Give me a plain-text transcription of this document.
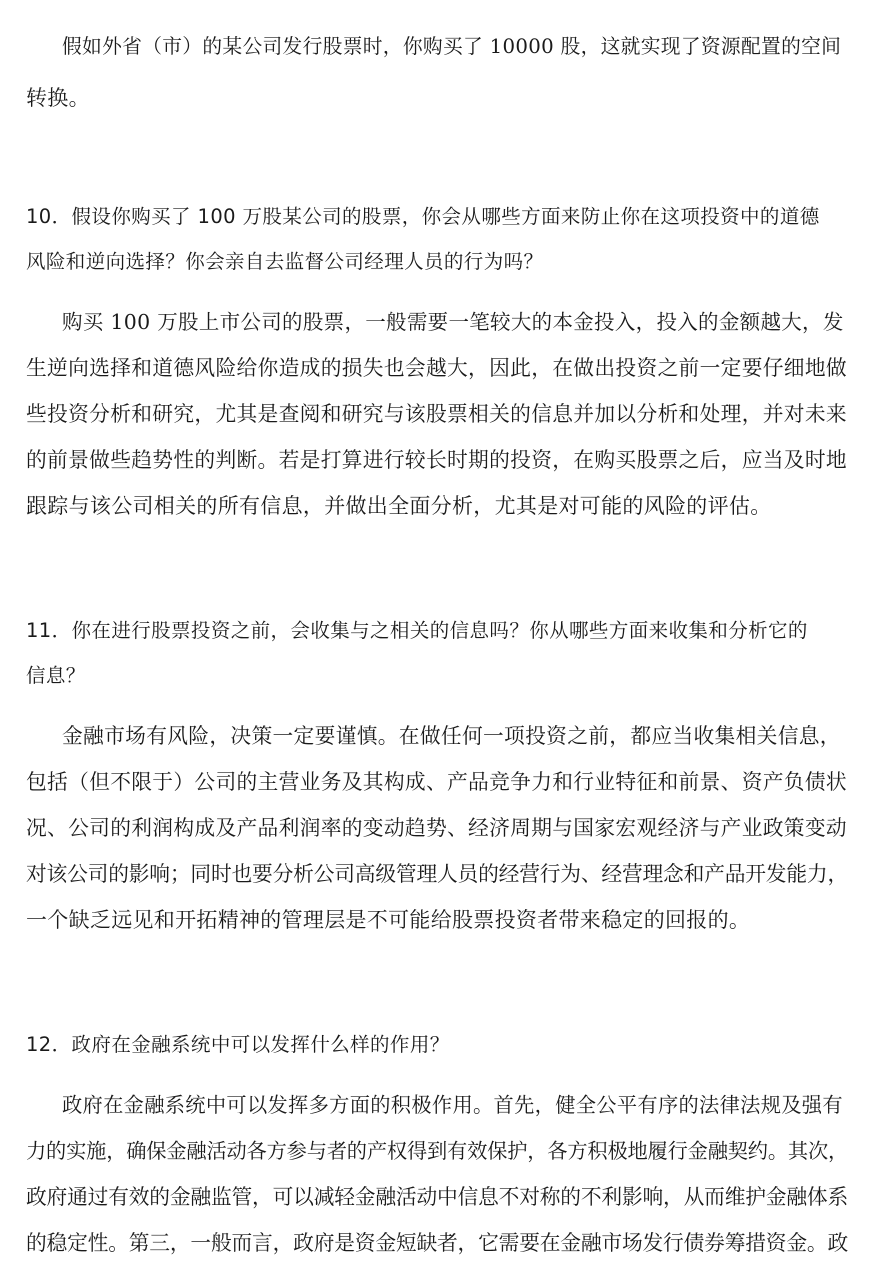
假如外省（市）的某公司发行股票时，你购买了 10000 股，这就实现了资源配置的空间
转换。
10．假设你购买了 100 万股某公司的股票，你会从哪些方面来防止你在这项投资中的道德
风险和逆向选择？你会亲自去监督公司经理人员的行为吗？
购买 100 万股上市公司的股票，一般需要一笔较大的本金投入，投入的金额越大，发
生逆向选择和道德风险给你造成的损失也会越大，因此，在做出投资之前一定要仔细地做
些投资分析和研究，尤其是查阅和研究与该股票相关的信息并加以分析和处理，并对未来
的前景做些趋势性的判断。若是打算进行较长时期的投资，在购买股票之后，应当及时地
跟踪与该公司相关的所有信息，并做出全面分析，尤其是对可能的风险的评估。
11．你在进行股票投资之前，会收集与之相关的信息吗？你从哪些方面来收集和分析它的
信息？
金融市场有风险，决策一定要谨慎。在做任何一项投资之前，都应当收集相关信息，
包括（但不限于）公司的主营业务及其构成、产品竞争力和行业特征和前景、资产负债状
况、公司的利润构成及产品利润率的变动趋势、经济周期与国家宏观经济与产业政策变动
对该公司的影响；同时也要分析公司高级管理人员的经营行为、经营理念和产品开发能力，
一个缺乏远见和开拓精神的管理层是不可能给股票投资者带来稳定的回报的。
12．政府在金融系统中可以发挥什么样的作用？
政府在金融系统中可以发挥多方面的积极作用。首先，健全公平有序的法律法规及强有
力的实施，确保金融活动各方参与者的产权得到有效保护，各方积极地履行金融契约。其次，
政府通过有效的金融监管，可以减轻金融活动中信息不对称的不利影响，从而维护金融体系
的稳定性。第三，一般而言，政府是资金短缺者，它需要在金融市场发行债券筹措资金。政
